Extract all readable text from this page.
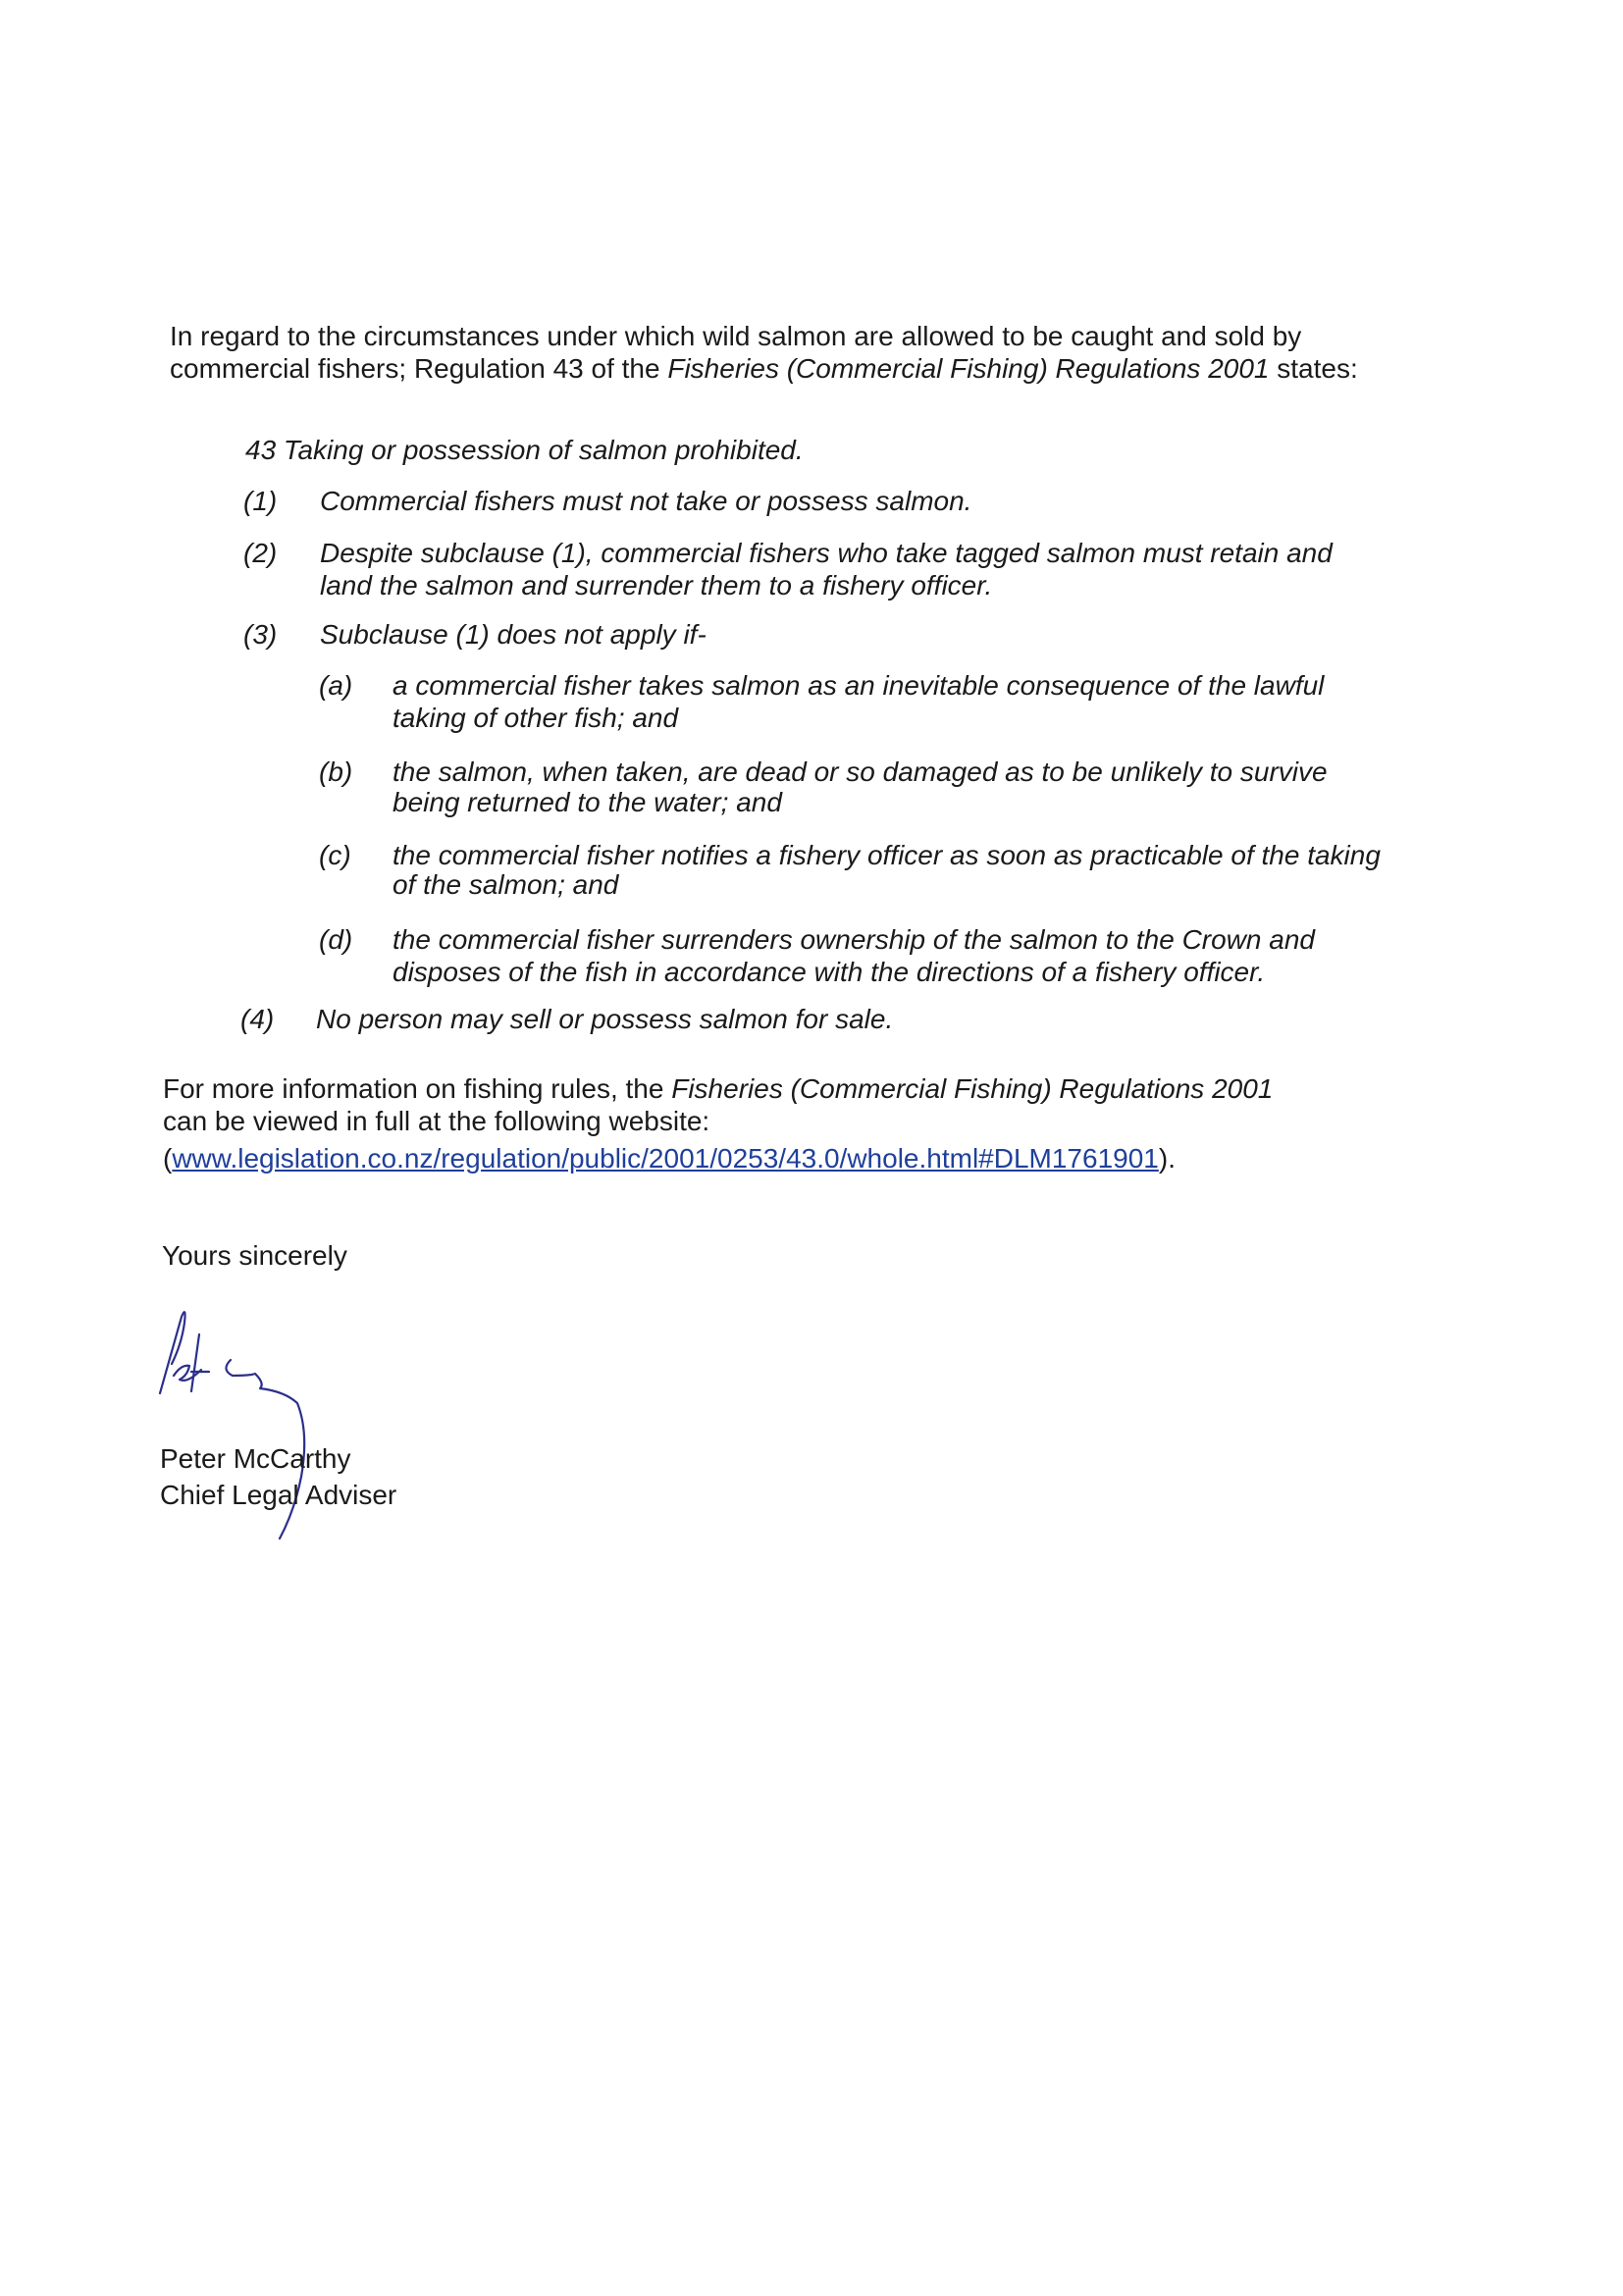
In regard to the circumstances under which wild salmon are allowed to be caught and sold by
commercial fishers; Regulation 43 of the Fisheries (Commercial Fishing) Regulations 2001 states:
43 Taking or possession of salmon prohibited.
(1) Commercial fishers must not take or possess salmon.
(2) Despite subclause (1), commercial fishers who take tagged salmon must retain and
land the salmon and surrender them to a fishery officer.
(3) Subclause (1) does not apply if-
(a) a commercial fisher takes salmon as an inevitable consequence of the lawful
taking of other fish; and
(b) the salmon, when taken, are dead or so damaged as to be unlikely to survive
being returned to the water; and
(c) the commercial fisher notifies a fishery officer as soon as practicable of the taking
of the salmon; and
(d) the commercial fisher surrenders ownership of the salmon to the Crown and
disposes of the fish in accordance with the directions of a fishery officer.
(4) No person may sell or possess salmon for sale.
For more information on fishing rules, the Fisheries (Commercial Fishing) Regulations 2001
can be viewed in full at the following website:
(www.legislation.co.nz/regulation/public/2001/0253/43.0/whole.html#DLM1761901).
Yours sincerely
Peter McCarthy
Chief Legal Adviser
